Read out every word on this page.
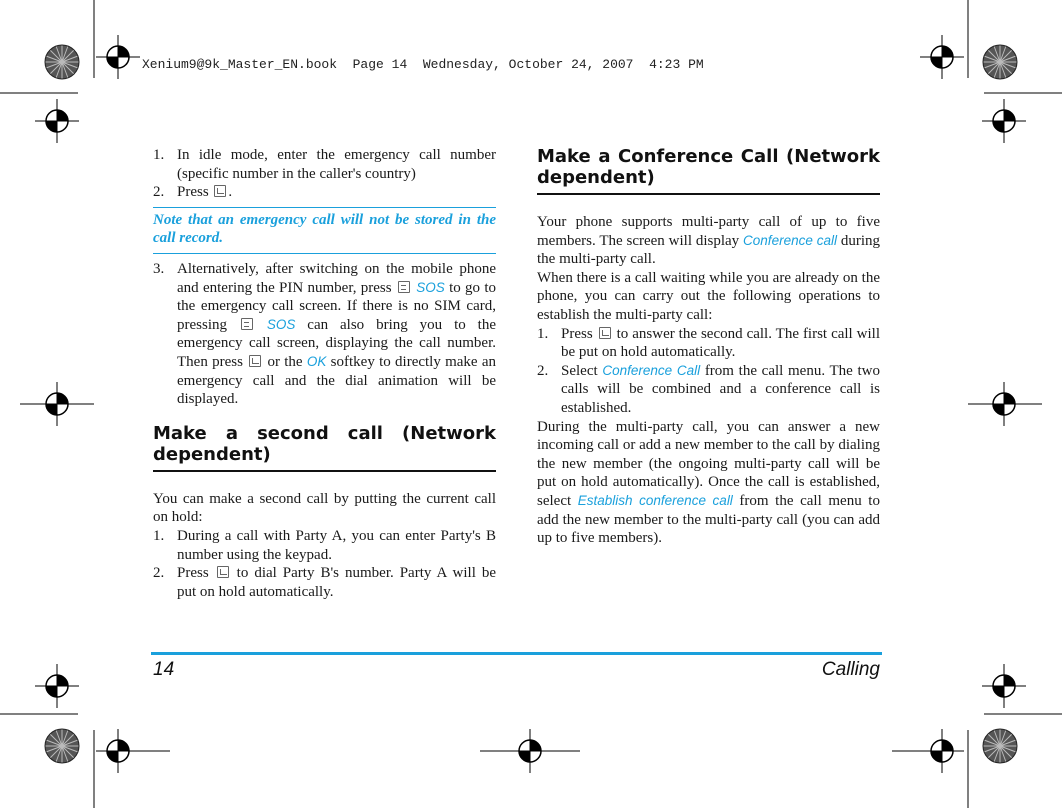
Xenium9@9k_Master_EN.book  Page 14  Wednesday, October 24, 2007  4:23 PM
1. In idle mode, enter the emergency call number (specific number in the caller's country)
2. Press .

Note that an emergency call will not be stored in the call record.

3. Alternatively, after switching on the mobile phone and entering the PIN number, press SOS to go to the emergency call screen. If there is no SIM card, pressing	SOS can also bring you to the emergency call screen, displaying the call number. Then press or the OK softkey to directly make an emergency call and the dial animation will be displayed.
Make a second call (Network dependent)

You can make a second call by putting the current call on hold:

1. During a call with Party A, you can enter Party's B number using the keypad.
2. Press to dial Party B's number. Party A will be put on hold automatically.
Make a Conference Call (Network dependent)

Your phone supports multi-party call of up to five members. The screen will display Conference call during the multi-party call.

When there is a call waiting while you are already on the phone, you can carry out the following operations to establish the multi-party call:

1. Press to answer the second call. The first call will be put on hold automatically.
2. Select Conference Call from the call menu. The two calls will be combined and a conference call is established.

During the multi-party call, you can answer a new incoming call or add a new member to the call by dialing the new member (the ongoing multi-party call will be put on hold automatically). Once the call is established, select Establish conference call from the call menu to add the new member to the multi-party call (you can add up to five members).

14	Calling
